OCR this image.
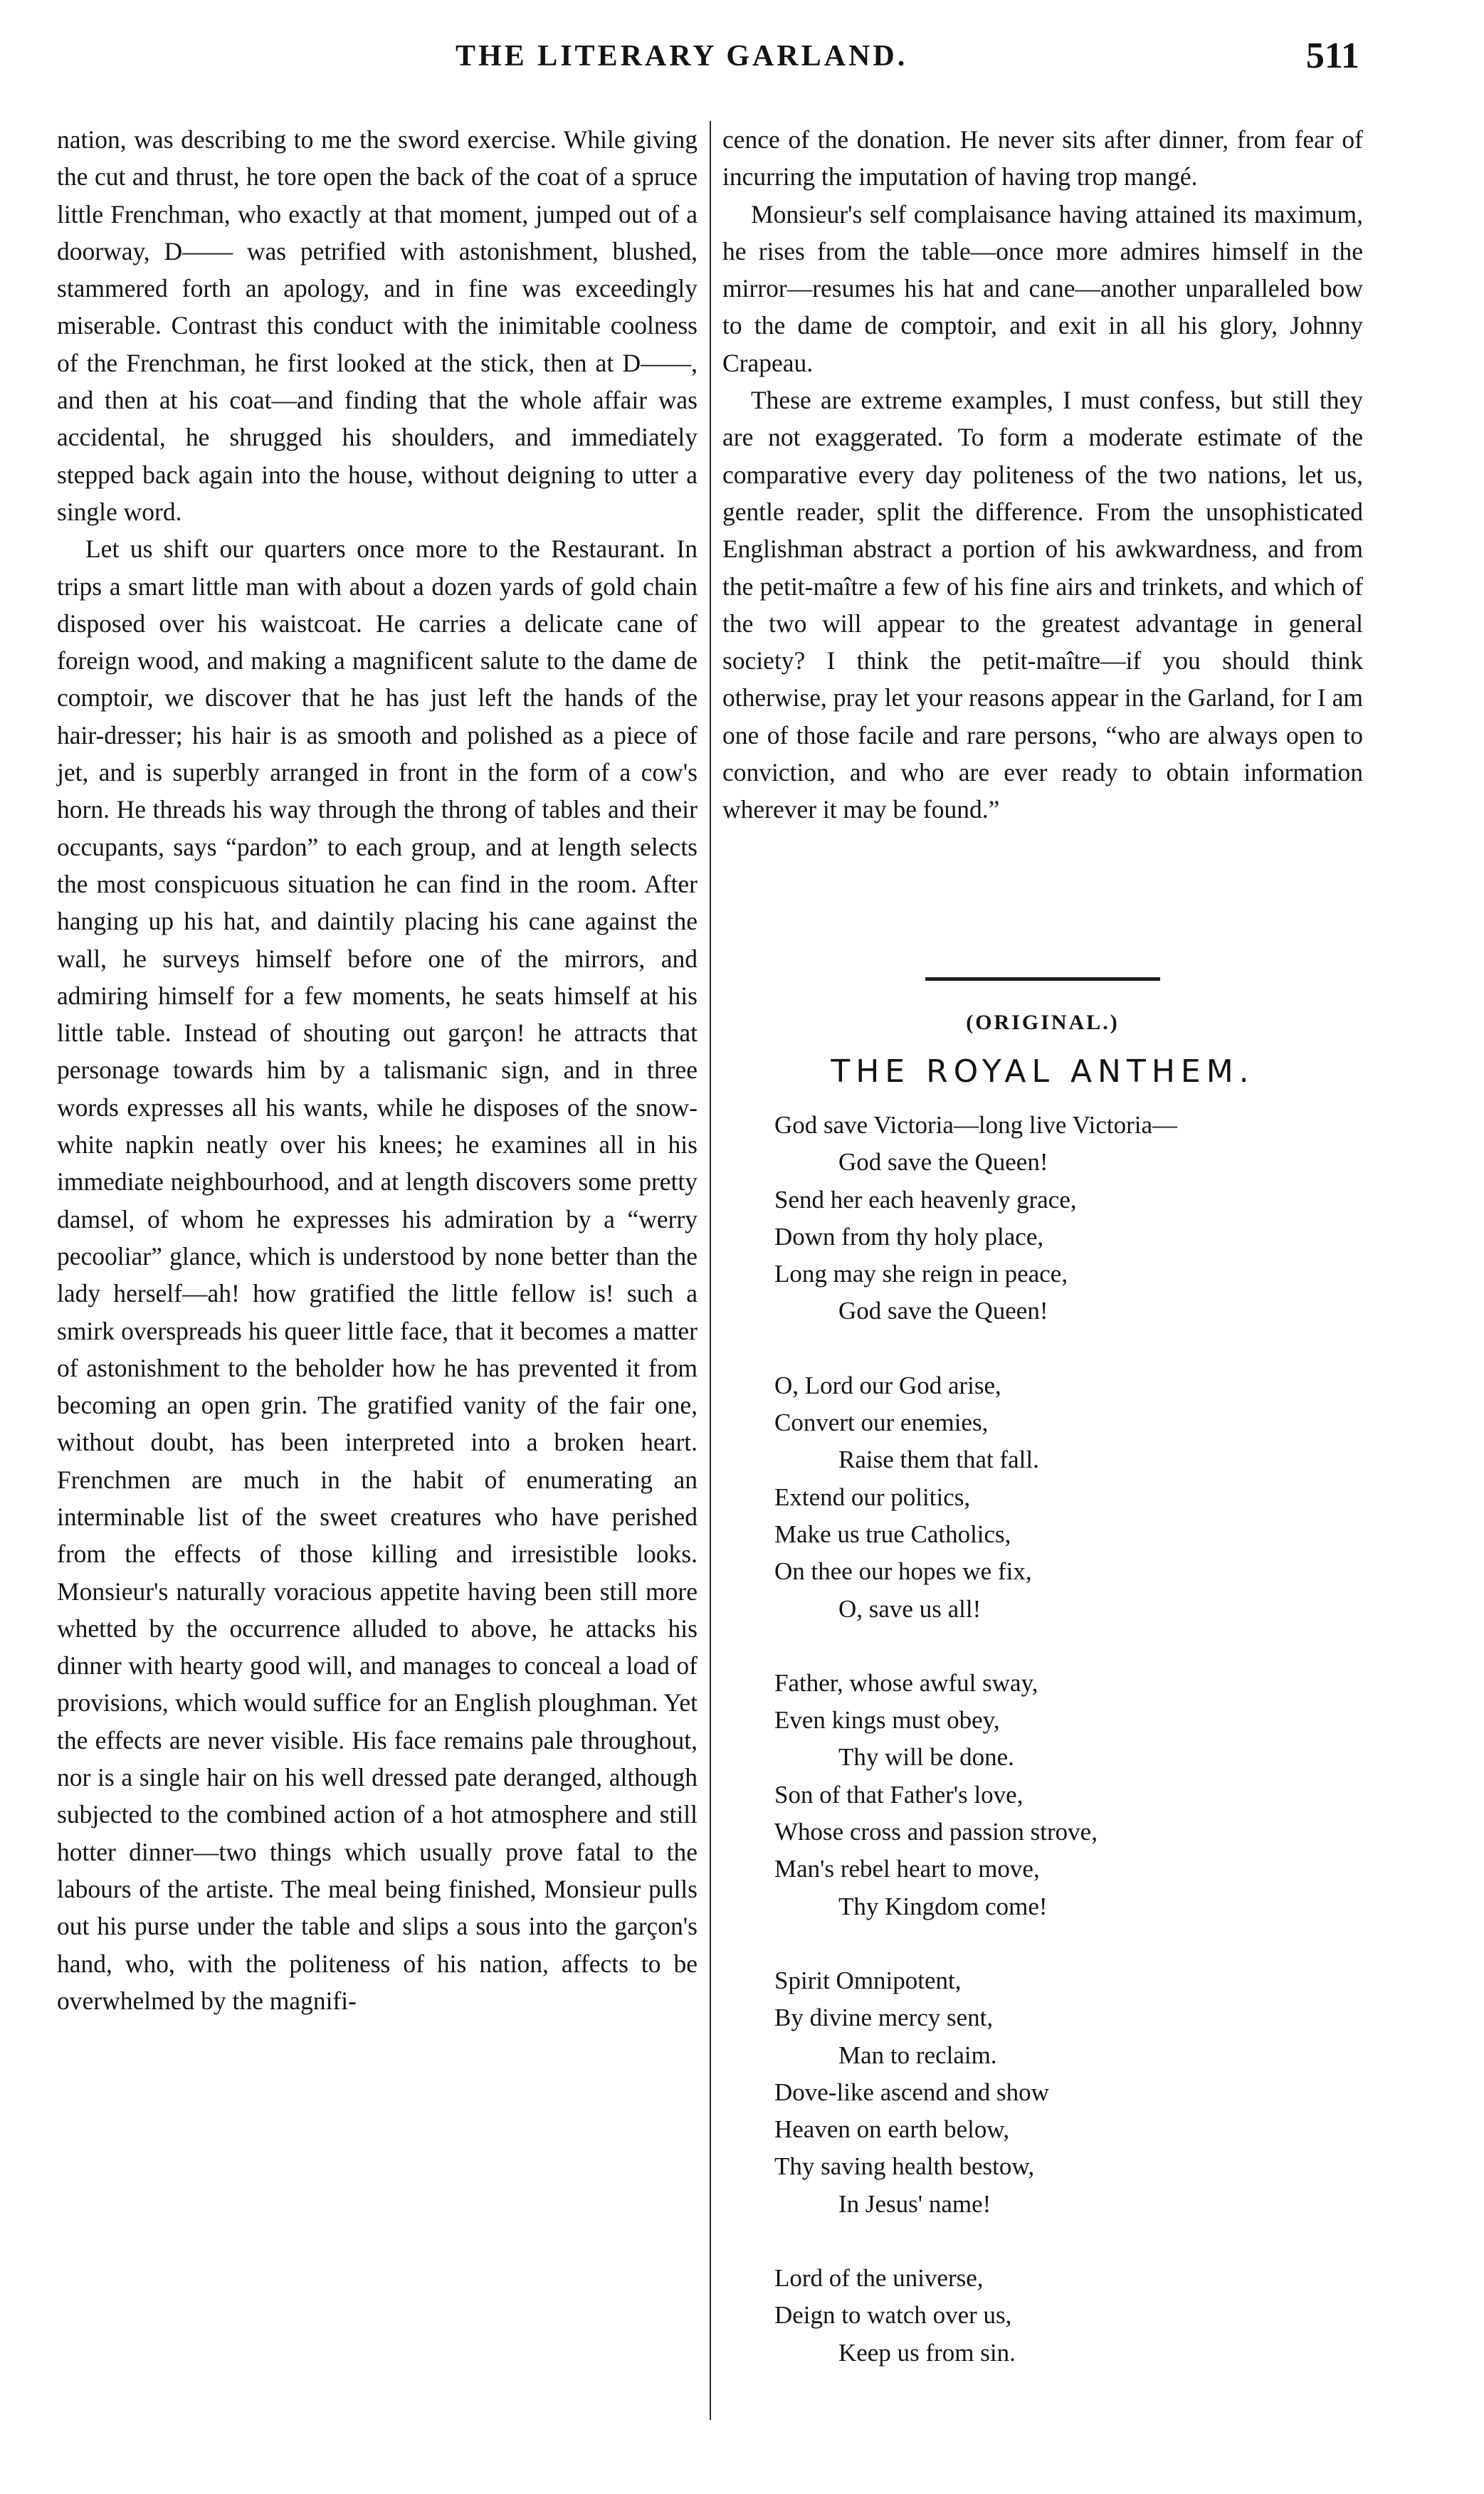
THE LITERARY GARLAND.	511

nation, was describing to me the sword exercise. While giving the cut and thrust, he tore open the back of the coat of a spruce little Frenchman, who exactly at that moment, jumped out of a doorway, D—— was petrified with astonishment, blushed, stammered forth an apology, and in fine was exceedingly miserable. Contrast this conduct with the inimitable coolness of the Frenchman, he first looked at the stick, then at D——, and then at his coat—and finding that the whole affair was accidental, he shrugged his shoulders, and immediately stepped back again into the house, without deigning to utter a single word.

Let us shift our quarters once more to the Restaurant. In trips a smart little man with about a dozen yards of gold chain disposed over his waistcoat. He carries a delicate cane of foreign wood, and making a magnificent salute to the dame de comptoir, we discover that he has just left the hands of the hair-dresser; his hair is as smooth and polished as a piece of jet, and is superbly arranged in front in the form of a cow's horn. He threads his way through the throng of tables and their occupants, says “pardon” to each group, and at length selects the most conspicuous situation he can find in the room. After hanging up his hat, and daintily placing his cane against the wall, he surveys himself before one of the mirrors, and admiring himself for a few moments, he seats himself at his little table. Instead of shouting out garçon! he attracts that personage towards him by a talismanic sign, and in three words expresses all his wants, while he disposes of the snow-white napkin neatly over his knees; he examines all in his immediate neighbourhood, and at length discovers some pretty damsel, of whom he expresses his admiration by a “werry pecooliar” glance, which is understood by none better than the lady herself—ah! how gratified the little fellow is! such a smirk overspreads his queer little face, that it becomes a matter of astonishment to the beholder how he has prevented it from becoming an open grin. The gratified vanity of the fair one, without doubt, has been interpreted into a broken heart. Frenchmen are much in the habit of enumerating an interminable list of the sweet creatures who have perished from the effects of those killing and irresistible looks. Monsieur's naturally voracious appetite having been still more whetted by the occurrence alluded to above, he attacks his dinner with hearty good will, and manages to conceal a load of provisions, which would suffice for an English ploughman. Yet the effects are never visible. His face remains pale throughout, nor is a single hair on his well dressed pate deranged, although subjected to the combined action of a hot atmosphere and still hotter dinner—two things which usually prove fatal to the labours of the artiste. The meal being finished, Monsieur pulls out his purse under the table and slips a sous into the garçon's hand, who, with the politeness of his nation, affects to be overwhelmed by the magnifi-

cence of the donation. He never sits after dinner, from fear of incurring the imputation of having trop mangé.

Monsieur's self complaisance having attained its maximum, he rises from the table—once more admires himself in the mirror—resumes his hat and cane—another unparalleled bow to the dame de comptoir, and exit in all his glory, Johnny Crapeau.

These are extreme examples, I must confess, but still they are not exaggerated. To form a moderate estimate of the comparative every day politeness of the two nations, let us, gentle reader, split the difference. From the unsophisticated Englishman abstract a portion of his awkwardness, and from the petit-maître a few of his fine airs and trinkets, and which of the two will appear to the greatest advantage in general society? I think the petit-maître—if you should think otherwise, pray let your reasons appear in the Garland, for I am one of those facile and rare persons, “who are always open to conviction, and who are ever ready to obtain information wherever it may be found.”

(ORIGINAL.)
THE ROYAL ANTHEM.
God save Victoria—long live Victoria—
God save the Queen!
Send her each heavenly grace,
Down from thy holy place,
Long may she reign in peace,
God save the Queen!
O, Lord our God arise,
Convert our enemies,
Raise them that fall.
Extend our politics,
Make us true Catholics,
On thee our hopes we fix,
O, save us all!
Father, whose awful sway,
Even kings must obey,
Thy will be done.
Son of that Father's love,
Whose cross and passion strove,
Man's rebel heart to move,
Thy Kingdom come!
Spirit Omnipotent,
By divine mercy sent,
Man to reclaim.
Dove-like ascend and show
Heaven on earth below,
Thy saving health bestow,
In Jesus' name!
Lord of the universe,
Deign to watch over us,
Keep us from sin.
